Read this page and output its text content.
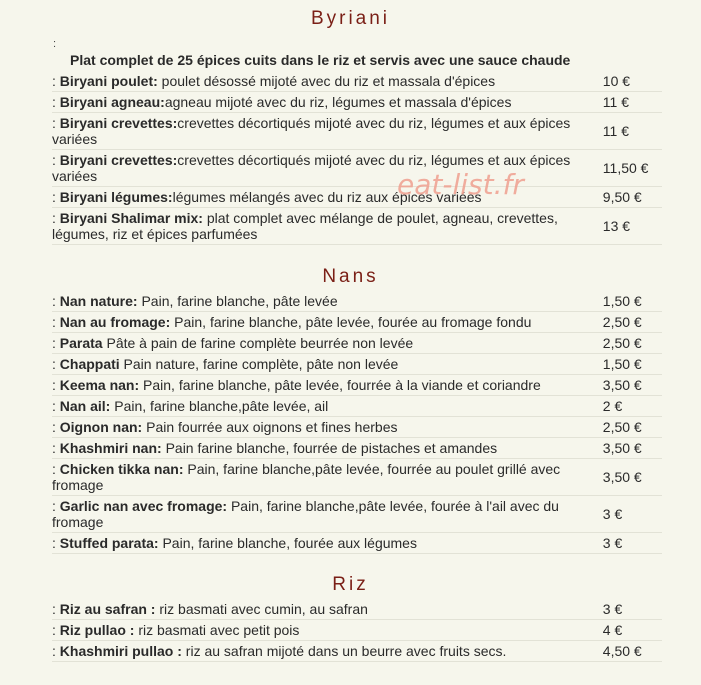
Byriani
:
Plat complet de 25 épices cuits dans le riz et servis avec une sauce chaude
: Biryani poulet: poulet désossé mijoté avec du riz et massala d'épices	10 €
: Biryani agneau:agneau mijoté avec du riz, légumes et massala d'épices	11 €
: Biryani crevettes:crevettes décortiqués mijoté avec du riz, légumes et aux épices variées	11 €
: Biryani crevettes:crevettes décortiqués mijoté avec du riz, légumes et aux épices variées	11,50 €
: Biryani légumes:légumes mélangés avec du riz aux épices variées	9,50 €
: Biryani Shalimar mix: plat complet avec mélange de poulet, agneau, crevettes, légumes, riz et épices parfumées	13 €
Nans
: Nan nature: Pain, farine blanche, pâte levée	1,50 €
: Nan au fromage: Pain, farine blanche, pâte levée, fourée au fromage fondu	2,50 €
: Parata Pâte à pain de farine complète beurrée non levée	2,50 €
: Chappati Pain nature, farine complète, pâte non levée	1,50 €
: Keema nan: Pain, farine blanche, pâte levée, fourrée à la viande et coriandre	3,50 €
: Nan ail: Pain, farine blanche,pâte levée, ail	2 €
: Oignon nan: Pain fourrée aux oignons et fines herbes	2,50 €
: Khashmiri nan: Pain farine blanche, fourrée de pistaches et amandes	3,50 €
: Chicken tikka nan: Pain, farine blanche,pâte levée, fourrée au poulet grillé avec fromage	3,50 €
: Garlic nan avec fromage: Pain, farine blanche,pâte levée, fourée à l'ail avec du fromage	3 €
: Stuffed parata: Pain, farine blanche, fourée aux légumes	3 €
Riz
: Riz au safran : riz basmati avec cumin, au safran	3 €
: Riz pullao : riz basmati avec petit pois	4 €
: Khashmiri pullao : riz au safran mijoté dans un beurre avec fruits secs.	4,50 €
eat-list.fr
